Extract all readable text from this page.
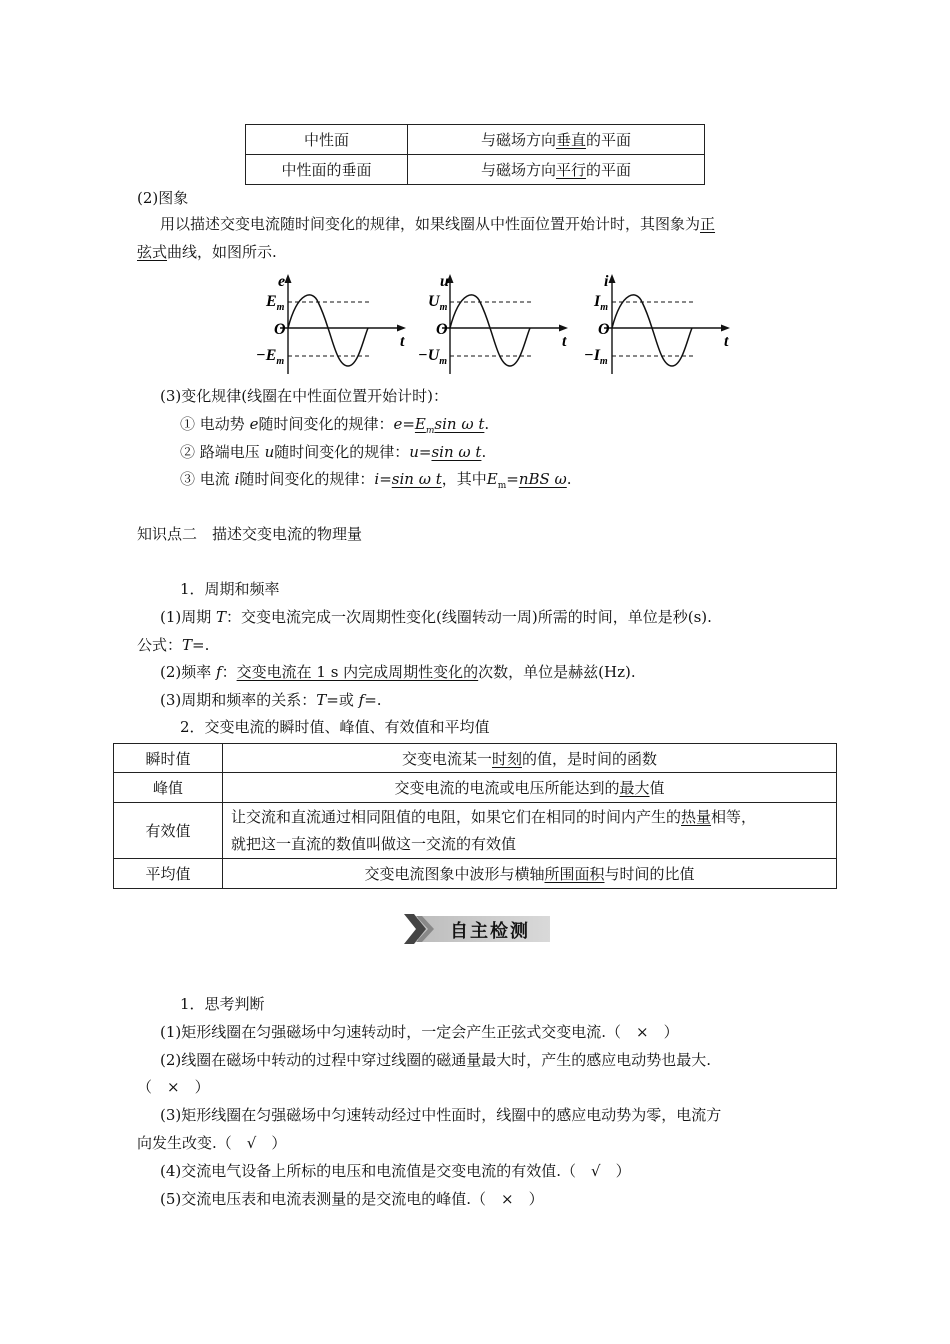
中性面	与磁场方向垂直的平面
中性面的垂面	与磁场方向平行的平面
(2)图象
用以描述交变电流随时间变化的规律，如果线圈从中性面位置开始计时，其图象为正
弦式曲线，如图所示.
e
$E_m$
O
$-E_m$
t
u
$U_m$
O
$-U_m$
t
i
$I_m$
O
$-I_m$
t
(3)变化规律(线圈在中性面位置开始计时)：
① 电动势 e随时间变化的规律：$e=E_m\sin$ ω t.
② 路端电压 u随时间变化的规律：u=sin ω t.
③ 电流 i随时间变化的规律：i=sin ω t，其中$E_m=nBS$ ω.
知识点二　描述交变电流的物理量
1．周期和频率
(1)周期 T：交变电流完成一次周期性变化(线圈转动一周)所需的时间，单位是秒(s).
公式：T=.
(2)频率 f：交变电流在 1 s 内完成周期性变化的次数，单位是赫兹(Hz).
(3)周期和频率的关系：T=或 f=.
2．交变电流的瞬时值、峰值、有效值和平均值
瞬时值	交变电流某一时刻的值，是时间的函数
峰值	交变电流的电流或电压所能达到的最大值
有效值	让交流和直流通过相同阻值的电阻，如果它们在相同的时间内产生的热量相等，
就把这一直流的数值叫做这一交流的有效值
平均值	交变电流图象中波形与横轴所围面积与时间的比值
自主检测
1．思考判断
(1)矩形线圈在匀强磁场中匀速转动时，一定会产生正弦式交变电流.（　×　）
(2)线圈在磁场中转动的过程中穿过线圈的磁通量最大时，产生的感应电动势也最大.
（　×　）
(3)矩形线圈在匀强磁场中匀速转动经过中性面时，线圈中的感应电动势为零，电流方
向发生改变.（　√　）
(4)交流电气设备上所标的电压和电流值是交变电流的有效值.（　√　）
(5)交流电压表和电流表测量的是交流电的峰值.（　×　）
